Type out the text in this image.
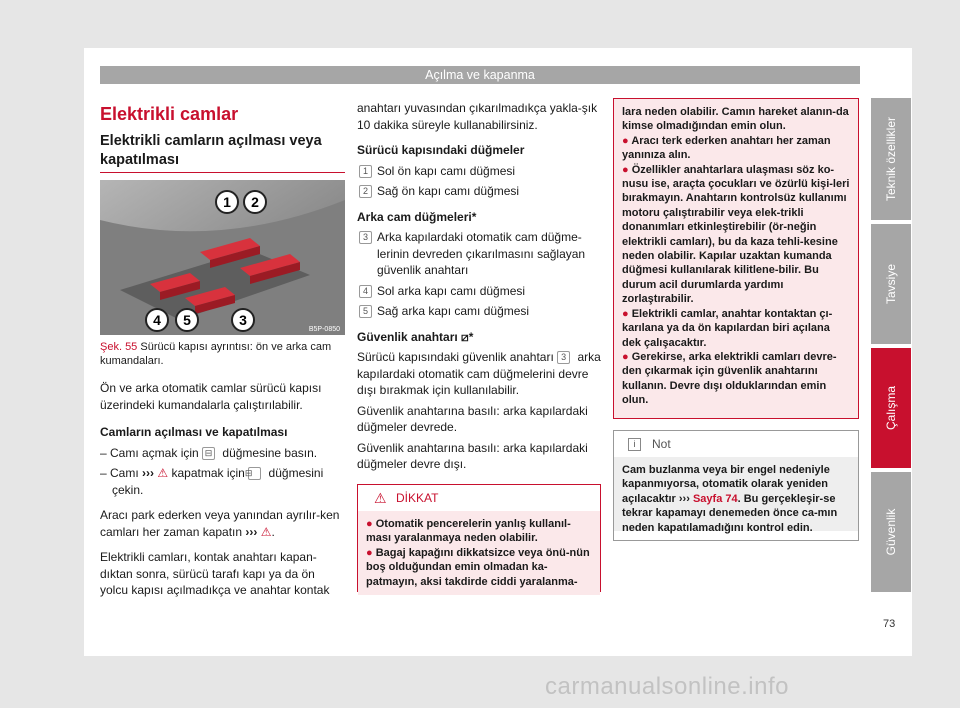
Açılma ve kapanma
Elektrikli camlar
Elektrikli camların açılması veya kapatılması
1 2
3
4 5
B5P-0850
Şek. 55 Sürücü kapısı ayrıntısı: ön ve arka cam kumandaları.

Ön ve arka otomatik camlar sürücü kapısı üzerindeki kumandalarla çalıştırılabilir.

Camların açılması ve kapatılması

– Camı açmak için ⊟ düğmesine basın.

– Camı ››› ⚠ kapatmak için ⊟ düğmesini çekin.

Aracı park ederken veya yanından ayrılır-ken camları her zaman kapatın ››› ⚠.

Elektrikli camları, kontak anahtarı kapan-dıktan sonra, sürücü tarafı kapı ya da ön yolcu kapısı açılmadıkça ve anahtar kontak

anahtarı yuvasından çıkarılmadıkça yakla-şık 10 dakika süreyle kullanabilirsiniz.

Sürücü kapısındaki düğmeler

1 Sol ön kapı camı düğmesi
2 Sağ ön kapı camı düğmesi

Arka cam düğmeleri*

3 Arka kapılardaki otomatik cam düğme-lerinin devreden çıkarılmasını sağlayan güvenlik anahtarı
4 Sol arka kapı camı düğmesi
5 Sağ arka kapı camı düğmesi

Güvenlik anahtarı ⧄*

Sürücü kapısındaki güvenlik anahtarı 3 arka kapılardaki otomatik cam düğmelerini devre dışı bırakmak için kullanılabilir.

Güvenlik anahtarına basılı: arka kapılardaki düğmeler devrede.

Güvenlik anahtarına basılı: arka kapılardaki düğmeler devre dışı.

⚠ DİKKAT

● Otomatik pencerelerin yanlış kullanıl-ması yaralanmaya neden olabilir.

● Bagaj kapağını dikkatsizce veya önü-nün boş olduğundan emin olmadan ka-patmayın, aksi takdirde ciddi yaralanma-

lara neden olabilir. Camın hareket alanın-da kimse olmadığından emin olun.

● Aracı terk ederken anahtarı her zaman yanınıza alın.

● Özellikler anahtarlara ulaşması söz ko-nusu ise, araçta çocukları ve özürlü kişi-leri bırakmayın. Anahtarın kontrolsüz kullanımı motoru çalıştırabilir veya elek-trikli donanımları etkinleştirebilir (ör-neğin elektrikli camları), bu da kaza tehli-kesine neden olabilir. Kapılar uzaktan kumanda düğmesi kullanılarak kilitlene-bilir. Bu durum acil durumlarda yardımı zorlaştırabilir.

● Elektrikli camlar, anahtar kontaktan çı-karılana ya da ön kapılardan biri açılana dek çalışacaktır.

● Gerekirse, arka elektrikli camları devre-den çıkarmak için güvenlik anahtarını kullanın. Devre dışı olduklarından emin olun.

i	Not
Cam buzlanma veya bir engel nedeniyle kapanmıyorsa, otomatik olarak yeniden açılacaktır ››› Sayfa 74. Bu gerçekleşir-se tekrar kapamayı denemeden önce ca-mın neden kapatılamadığını kontrol edin.
Teknik özellikler
Tavsiye
Çalışma
Güvenlik
73
carmanualsonline.info
